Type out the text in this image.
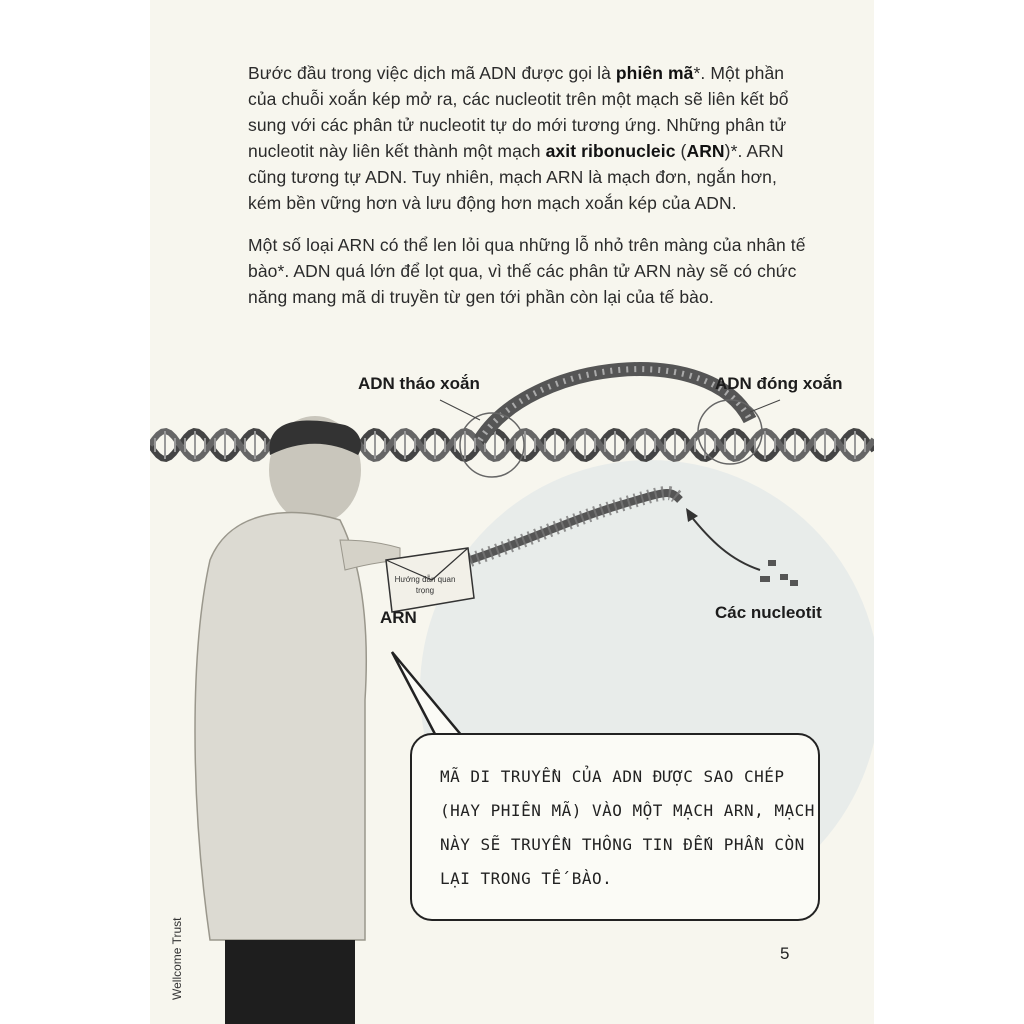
Bước đầu trong việc dịch mã ADN được gọi là phiên mã*. Một phần của chuỗi xoắn kép mở ra, các nucleotit trên một mạch sẽ liên kết bổ sung với các phân tử nucleotit tự do mới tương ứng. Những phân tử nucleotit này liên kết thành một mạch axit ribonucleic (ARN)*. ARN cũng tương tự ADN. Tuy nhiên, mạch ARN là mạch đơn, ngắn hơn, kém bền vững hơn và lưu động hơn mạch xoắn kép của ADN.
Một số loại ARN có thể len lỏi qua những lỗ nhỏ trên màng của nhân tế bào*. ADN quá lớn để lọt qua, vì thế các phân tử ARN này sẽ có chức năng mang mã di truyền từ gen tới phần còn lại của tế bào.
Hướng dẫn quan trọng
ADN tháo xoắn	ADN đóng xoắn
ARN	Các nucleotit
MÃ DI TRUYỀN CỦA ADN ĐƯỢC SAO CHÉP (HAY PHIÊN MÃ) VÀO MỘT MẠCH ARN, MẠCH NÀY SẼ TRUYỀN THÔNG TIN ĐẾN PHẦN CÒN LẠI TRONG TẾ BÀO.
5
Wellcome Trust
